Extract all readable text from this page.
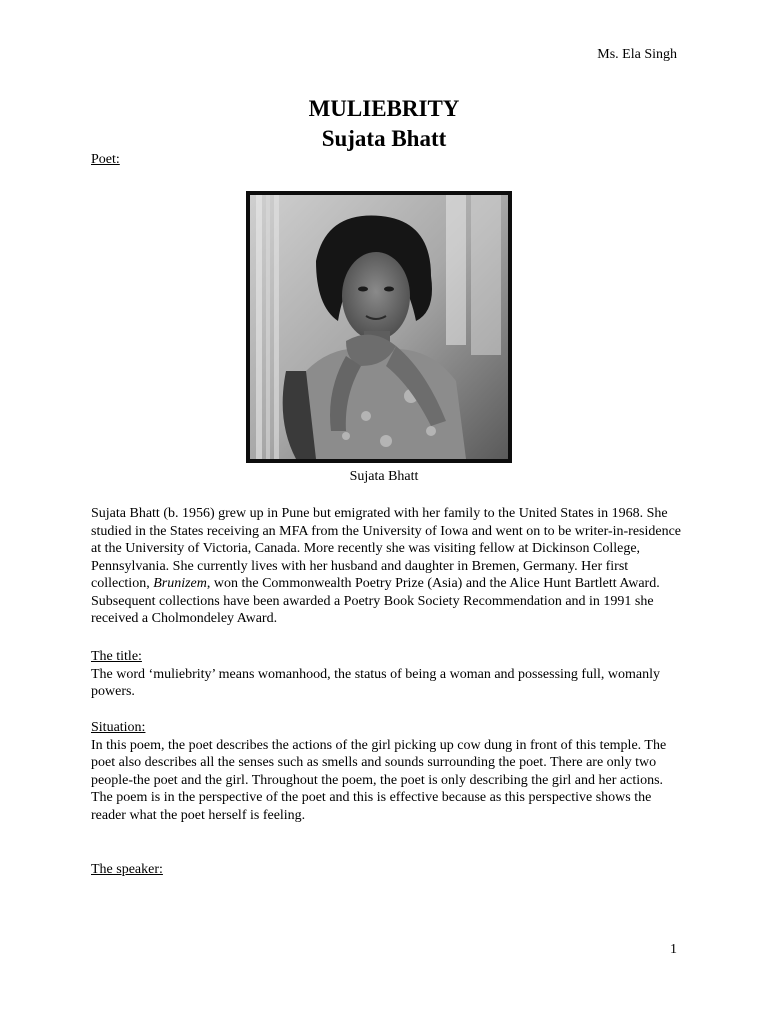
Ms. Ela Singh
MULIEBRITY
Sujata Bhatt
Poet:
Sujata Bhatt

Sujata Bhatt (b. 1956) grew up in Pune but emigrated with her family to the United States in 1968. She studied in the States receiving an MFA from the University of Iowa and went on to be writer-in-residence at the University of Victoria, Canada. More recently she was visiting fellow at Dickinson College, Pennsylvania. She currently lives with her husband and daughter in Bremen, Germany. Her first collection, Brunizem, won the Commonwealth Poetry Prize (Asia) and the Alice Hunt Bartlett Award. Subsequent collections have been awarded a Poetry Book Society Recommendation and in 1991 she received a Cholmondeley Award.

The title:

The word ‘muliebrity’ means womanhood, the status of being a woman and possessing full, womanly powers.

Situation:

In this poem, the poet describes the actions of the girl picking up cow dung in front of this temple. The poet also describes all the senses such as smells and sounds surrounding the poet. There are only two people-the poet and the girl. Throughout the poem, the poet is only describing the girl and her actions.

The poem is in the perspective of the poet and this is effective because as this perspective shows the reader what the poet herself is feeling.

The speaker:

1
